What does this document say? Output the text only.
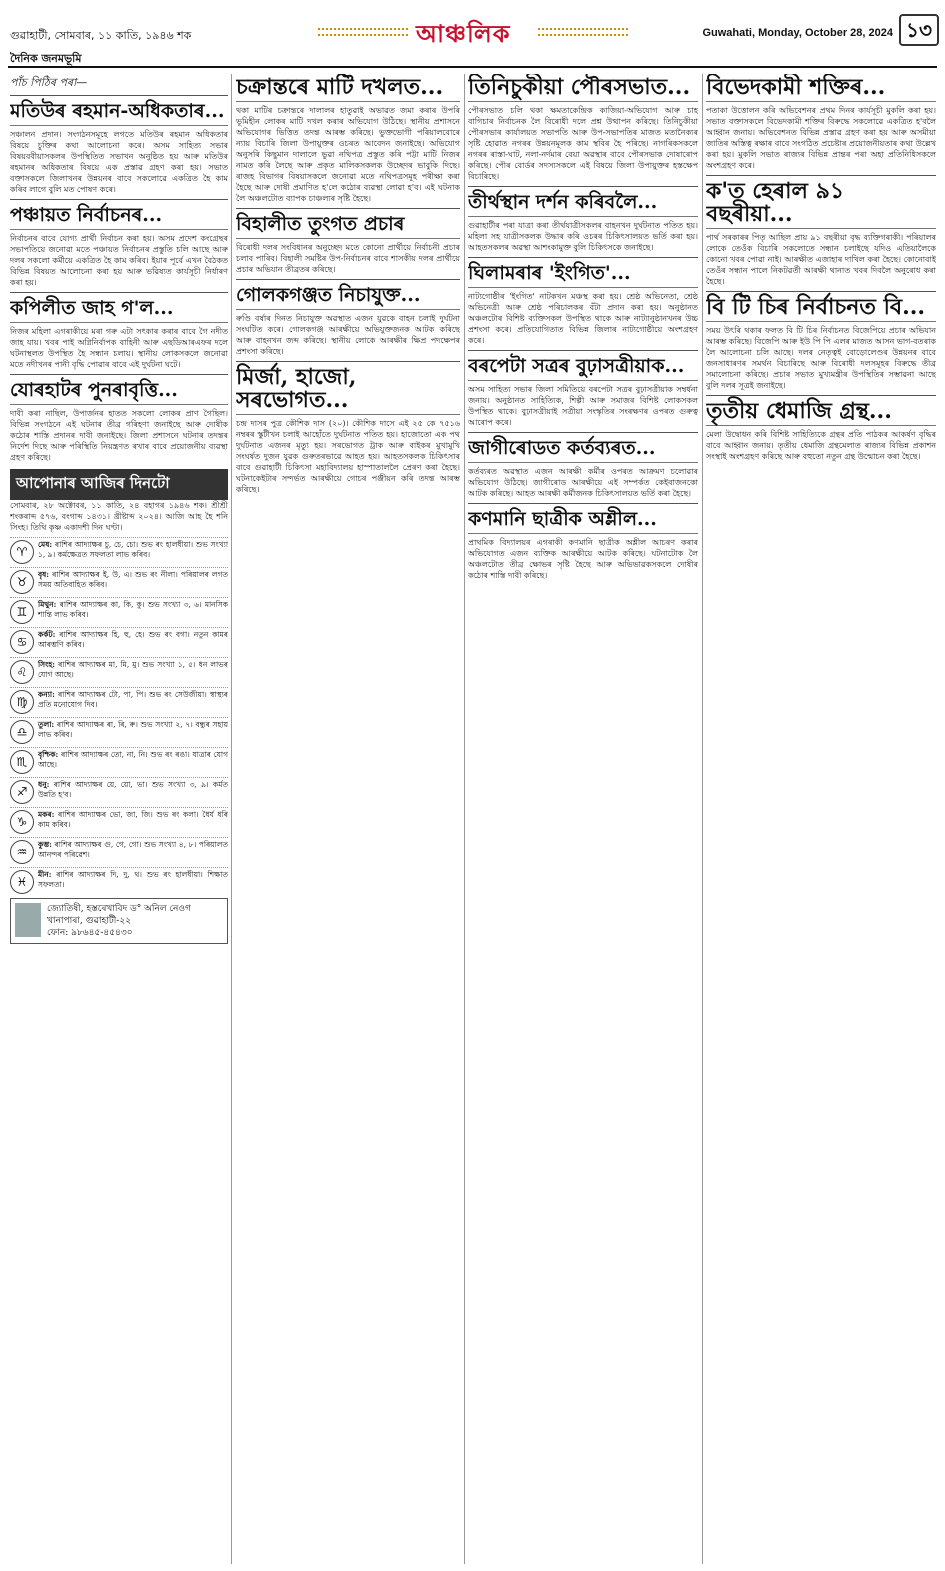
গুৱাহাটী, সোমবাৰ, ১১ কাতি, ১৯৪৬ শক
দৈনিক জনমভূমি
আঞ্চলিক	Guwahati, Monday, October 28, 2024 ১৩
পাঁচ পিঠিৰ পৰা—
মতিউৰ ৰহমান-অধিকতাৰ...

সঞ্চালন প্ৰদান। সংগঠনসমূহে লগতে মতিউৰ ৰহমান অধিকতাৰ বিষয়ে চুক্তিৰ কথা আলোচনা কৰে। অসম সাহিত্য সভাৰ বিষয়ববীয়াসকলৰ উপস্থিতিত সভাখন অনুষ্ঠিত হয় আৰু মতিউৰ ৰহমানৰ অধিকতাৰ বিষয়ে এক প্ৰস্তাৱ গ্ৰহণ কৰা হয়। সভাত বক্তাসকলে জিলাখনৰ উন্নয়নৰ বাবে সকলোৱে একত্ৰিত হৈ কাম কৰিব লাগে বুলি মত পোষণ কৰে।

পঞ্চায়ত নিৰ্বাচনৰ...

নিৰ্বাচনৰ বাবে যোগ্য প্ৰাৰ্থী নিৰ্বাচন কৰা হয়। অসম প্ৰদেশ কংগ্ৰেছৰ সভাপতিয়ে জনোৱা মতে পঞ্চায়ত নিৰ্বাচনৰ প্ৰস্তুতি চলি আছে আৰু দলৰ সকলো কৰ্মীয়ে একত্ৰিত হৈ কাম কৰিব। ইয়াৰ পূৰ্বে এখন বৈঠকত বিভিন্ন বিষয়ত আলোচনা কৰা হয় আৰু ভৱিষ্যত কাৰ্যসূচী নিৰ্ধাৰণ কৰা হয়।

কপিলীত জাহ গ'ল...

নিজৰ মহিলা এগৰাকীয়ে মৰা গৰু এটা সৎকাৰ কৰাৰ বাবে গৈ নদীত জাহ যায়। খবৰ পাই অগ্নিনিৰ্বাপক বাহিনী আৰু এছডিআৰএফৰ দলে ঘটনাস্থলত উপস্থিত হৈ সন্ধান চলায়। স্থানীয় লোকসকলে জনোৱা মতে নদীখনৰ পানী বৃদ্ধি পোৱাৰ বাবে এই দুৰ্ঘটনা ঘটে।

যোৰহাটৰ পুনৰাবৃত্তি...

দাবী কৰা নাছিল, উপাৰ্জনৰ হাতত সকলো লোকৰ প্ৰাণ গৈছিল। বিভিন্ন সংগঠনে এই ঘটনাৰ তীব্ৰ গৰিহণা জনাইছে আৰু দোষীক কঠোৰ শাস্তি প্ৰদানৰ দাবী জনাইছে। জিলা প্ৰশাসনে ঘটনাৰ তদন্তৰ নিৰ্দেশ দিছে আৰু পৰিস্থিতি নিয়ন্ত্ৰণত ৰখাৰ বাবে প্ৰয়োজনীয় ব্যৱস্থা গ্ৰহণ কৰিছে।

আপোনাৰ আজিৰ দিনটো

সোমবাৰ, ২৮ অক্টোবৰ, ১১ কাতি, ২৪ বহাগৰ ১৯৪৬ শক। শ্ৰীশ্ৰী শংকৰাব্দ ৫৭৬, বংগাব্দ ১৪৩১। খ্ৰীষ্টাব্দ ২০২৪। আজি আহ হৈ শনি সিংহ। তিথি কৃষ্ণ একাদশী দিন ঘণ্টা।

♈
মেষ: ৰাশিৰ আদ্যাক্ষৰ চু, চে, চো। শুভ ৰং হালধীয়া। শুভ সংখ্যা ১, ৯। কৰ্মক্ষেত্ৰত সফলতা লাভ কৰিব।
♉
বৃষ: ৰাশিৰ আদ্যাক্ষৰ ই, উ, এ। শুভ ৰং নীলা। পৰিয়ালৰ লগত সময় অতিবাহিত কৰিব।
♊
মিথুন: ৰাশিৰ আদ্যাক্ষৰ কা, কি, কু। শুভ সংখ্যা ৩, ৬। মানসিক শান্তি লাভ কৰিব।
♋
কৰ্কট: ৰাশিৰ আদ্যাক্ষৰ হি, হু, হে। শুভ ৰং বগা। নতুন কামৰ আৰম্ভণি কৰিব।
♌
সিংহ: ৰাশিৰ আদ্যাক্ষৰ মা, মি, মু। শুভ সংখ্যা ১, ৫। ধন লাভৰ যোগ আছে।
♍
কন্যা: ৰাশিৰ আদ্যাক্ষৰ টো, পা, পি। শুভ ৰং সেউজীয়া। স্বাস্থ্যৰ প্ৰতি মনোযোগ দিব।
♎
তুলা: ৰাশিৰ আদ্যাক্ষৰ ৰা, ৰি, ৰু। শুভ সংখ্যা ২, ৭। বন্ধুৰ সহায় লাভ কৰিব।
♏
বৃশ্চিক: ৰাশিৰ আদ্যাক্ষৰ তো, না, নি। শুভ ৰং ৰঙা। যাত্ৰাৰ যোগ আছে।
♐
ধনু: ৰাশিৰ আদ্যাক্ষৰ য়ে, য়ো, ভা। শুভ সংখ্যা ৩, ৯। কৰ্মত উন্নতি হ'ব।
♑
মকৰ: ৰাশিৰ আদ্যাক্ষৰ ভো, জা, জি। শুভ ৰং কলা। ধৈৰ্য ধৰি কাম কৰিব।
♒
কুম্ভ: ৰাশিৰ আদ্যাক্ষৰ গু, গে, গো। শুভ সংখ্যা ৪, ৮। পৰিয়ালত আনন্দৰ পৰিৱেশ।
♓
মীন: ৰাশিৰ আদ্যাক্ষৰ দি, দু, থ। শুভ ৰং হালধীয়া। শিক্ষাত সফলতা।
জ্যোতিষী, হস্তৰেখাবিদ ড° অনিল নেওগ
খানাপাৰা, গুৱাহাটী-২২
ফোন: ৯৮৬৪৫-৪৫৪৩০
চক্ৰান্তৰে মাটি দখলত...

থকা মাটিৰ চক্ৰান্তৰে দালালৰ হাতুৱাই অভাৱত জমা কৰাৰ উপৰি ভূমিহীন লোকৰ মাটি দখল কৰাৰ অভিযোগ উঠিছে। স্থানীয় প্ৰশাসনে অভিযোগৰ ভিত্তিত তদন্ত আৰম্ভ কৰিছে। ভুক্তভোগী পৰিয়ালবোৰে ন্যায় বিচাৰি জিলা উপায়ুক্তৰ ওচৰত আবেদন জনাইছে। অভিযোগ অনুসৰি কিছুমান দালালে ভুৱা নথিপত্ৰ প্ৰস্তুত কৰি পট্টা মাটি নিজৰ নামত কৰি লৈছে আৰু প্ৰকৃত মালিকসকলক উচ্ছেদৰ ভাবুকি দিছে। ৰাজহ বিভাগৰ বিষয়াসকলে জনোৱা মতে নথিপত্ৰসমূহ পৰীক্ষা কৰা হৈছে আৰু দোষী প্ৰমাণিত হ'লে কঠোৰ ব্যৱস্থা লোৱা হ'ব। এই ঘটনাক লৈ অঞ্চলটোত ব্যাপক চাঞ্চল্যৰ সৃষ্টি হৈছে।

বিহালীত তুংগত প্ৰচাৰ

বিৰোধী দলৰ সংবিধানৰ অনুচ্ছেদ মতে কোনো প্ৰাৰ্থীয়ে নিৰ্বাচনী প্ৰচাৰ চলাব পাৰিব। বিহালী সমষ্টিৰ উপ-নিৰ্বাচনৰ বাবে শাসকীয় দলৰ প্ৰাৰ্থীয়ে প্ৰচাৰ অভিযান তীব্ৰতৰ কৰিছে।

গোলকগঞ্জত নিচাযুক্ত...

ৰুণ্ডি বৰ্ষাৰ দিনত নিচাযুক্ত অৱস্থাত এজন যুৱকে বাহন চলাই দুৰ্ঘটনা সংঘটিত কৰে। গোলকগঞ্জ আৰক্ষীয়ে অভিযুক্তজনক আটক কৰিছে আৰু বাহনখন জব্দ কৰিছে। স্থানীয় লোকে আৰক্ষীৰ ক্ষিপ্ৰ পদক্ষেপৰ প্ৰশংসা কৰিছে।

মিৰ্জা, হাজো, সৰভোগত...

চন্দ্ৰ দাসৰ পুত্ৰ কৌশিক দাস (২০)। কৌশিক দাসে এই ২৫ কে ৭৫১৬ নম্বৰৰ স্কুটীখন চলাই আহোঁতে দুৰ্ঘটনাত পতিত হয়। হাজোতো এক পথ দুৰ্ঘটনাত এজনৰ মৃত্যু হয়। সৰভোগত ট্ৰাক আৰু বাইকৰ মুখামুখি সংঘৰ্ষত দুজন যুৱক গুৰুতৰভাৱে আহত হয়। আহতসকলক চিকিৎসাৰ বাবে গুৱাহাটী চিকিৎসা মহাবিদ্যালয় হাস্পাতাললৈ প্ৰেৰণ কৰা হৈছে। ঘটনাকেইটাৰ সন্দৰ্ভত আৰক্ষীয়ে গোচৰ পঞ্জীয়ন কৰি তদন্ত আৰম্ভ কৰিছে।

তিনিচুকীয়া পৌৰসভাত...

পৌৰসভাত চলি থকা ক্ষমতাকেন্দ্ৰিক কাজিয়া-অভিযোগ আৰু চাহ বাগিচাৰ নিৰ্বাচনক লৈ বিৰোধী দলে প্ৰশ্ন উত্থাপন কৰিছে। তিনিচুকীয়া পৌৰসভাৰ কাৰ্যালয়ত সভাপতি আৰু উপ-সভাপতিৰ মাজত মতানৈক্যৰ সৃষ্টি হোৱাত নগৰৰ উন্নয়নমূলক কাম স্থবিৰ হৈ পৰিছে। নাগৰিকসকলে নগৰৰ ৰাস্তা-ঘাট, নলা-নৰ্দমাৰ বেয়া অৱস্থাৰ বাবে পৌৰসভাক দোষাৰোপ কৰিছে। পৌৰ বোৰ্ডৰ সদস্যসকলে এই বিষয়ে জিলা উপায়ুক্তৰ হস্তক্ষেপ বিচাৰিছে।

তীৰ্থস্থান দৰ্শন কৰিবলৈ...

গুৱাহাটীৰ পৰা যাত্ৰা কৰা তীৰ্থযাত্ৰীসকলৰ বাহনখন দুৰ্ঘটনাত পতিত হয়। মহিলা সহ যাত্ৰীসকলক উদ্ধাৰ কৰি ওচৰৰ চিকিৎসালয়ত ভৰ্তি কৰা হয়। আহতসকলৰ অৱস্থা আশংকামুক্ত বুলি চিকিৎসকে জনাইছে।

ঘিলামৰাৰ 'ইংগিত'...

নাট্যগোষ্ঠীৰ 'ইংগিত' নাটকখন মঞ্চস্থ কৰা হয়। শ্ৰেষ্ঠ অভিনেতা, শ্ৰেষ্ঠ অভিনেত্ৰী আৰু শ্ৰেষ্ঠ পৰিচালকৰ বঁটা প্ৰদান কৰা হয়। অনুষ্ঠানত অঞ্চলটোৰ বিশিষ্ট ব্যক্তিসকল উপস্থিত থাকে আৰু নাট্যানুষ্ঠানখনৰ উচ্চ প্ৰশংসা কৰে। প্ৰতিযোগিতাত বিভিন্ন জিলাৰ নাট্যগোষ্ঠীয়ে অংশগ্ৰহণ কৰে।

বৰপেটা সত্ৰৰ বুঢ়াসত্ৰীয়াক...

অসম সাহিত্য সভাৰ জিলা সমিতিয়ে বৰপেটা সত্ৰৰ বুঢ়াসত্ৰীয়াক সম্বৰ্ধনা জনায়। অনুষ্ঠানত সাহিত্যিক, শিল্পী আৰু সমাজৰ বিশিষ্ট লোকসকল উপস্থিত থাকে। বুঢ়াসত্ৰীয়াই সত্ৰীয়া সংস্কৃতিৰ সংৰক্ষণৰ ওপৰত গুৰুত্ব আৰোপ কৰে।

জাগীৰোডত কৰ্তব্যৰত...

কৰ্তব্যৰত অৱস্থাত এজন আৰক্ষী কৰ্মীৰ ওপৰত আক্ৰমণ চলোৱাৰ অভিযোগ উঠিছে। জাগীৰোড আৰক্ষীয়ে এই সম্পৰ্কত কেইবাজনকো আটক কৰিছে। আহত আৰক্ষী কৰ্মীজনক চিকিৎসালয়ত ভৰ্তি কৰা হৈছে।

কণমানি ছাত্ৰীক অশ্লীল...

প্ৰাথমিক বিদ্যালয়ৰ এগৰাকী কণমানি ছাত্ৰীক অশ্লীল আচৰণ কৰাৰ অভিযোগত এজন ব্যক্তিক আৰক্ষীয়ে আটক কৰিছে। ঘটনাটোক লৈ অঞ্চলটোত তীব্ৰ ক্ষোভৰ সৃষ্টি হৈছে আৰু অভিভাৱকসকলে দোষীৰ কঠোৰ শাস্তি দাবী কৰিছে।

বিভেদকামী শক্তিৰ...

পতাকা উত্তোলন কৰি অভিবেশনৰ প্ৰথম দিনৰ কাৰ্যসূচী মুকলি কৰা হয়। সভাত বক্তাসকলে বিভেদকামী শক্তিৰ বিৰুদ্ধে সকলোৱে একত্ৰিত হ'বলৈ আহ্বান জনায়। অভিবেশনত বিভিন্ন প্ৰস্তাৱ গ্ৰহণ কৰা হয় আৰু অসমীয়া জাতিৰ অস্তিত্ব ৰক্ষাৰ বাবে সংগঠিত প্ৰচেষ্টাৰ প্ৰয়োজনীয়তাৰ কথা উল্লেখ কৰা হয়। মুকলি সভাত ৰাজ্যৰ বিভিন্ন প্ৰান্তৰ পৰা অহা প্ৰতিনিধিসকলে অংশগ্ৰহণ কৰে।

ক'ত হেৰাল ৯১ বছৰীয়া...

পাৰ্থ সৰকাৰৰ পিতৃ আছিল প্ৰায় ৯১ বছৰীয়া বৃদ্ধ ব্যক্তিগৰাকী। পৰিয়ালৰ লোকে তেওঁক বিচাৰি সকলোতে সন্ধান চলাইছে যদিও এতিয়ালৈকে কোনো খবৰ পোৱা নাই। আৰক্ষীত এজাহাৰ দাখিল কৰা হৈছে। কোনোবাই তেওঁৰ সন্ধান পালে নিকটৱৰ্তী আৰক্ষী থানাত খবৰ দিবলৈ অনুৰোধ কৰা হৈছে।

বি টি চিৰ নিৰ্বাচনত বি...

সময় উৎৰি থকাৰ ফলত বি টি চিৰ নিৰ্বাচনত বিজেপিয়ে প্ৰচাৰ অভিযান আৰম্ভ কৰিছে। বিজেপি আৰু ইউ পি পি এলৰ মাজত আসন ভাগ-বতৰাক লৈ আলোচনা চলি আছে। দলৰ নেতৃত্বই বোড়োলেণ্ডৰ উন্নয়নৰ বাবে জনসাধাৰণৰ সমৰ্থন বিচাৰিছে আৰু বিৰোধী দলসমূহৰ বিৰুদ্ধে তীব্ৰ সমালোচনা কৰিছে। প্ৰচাৰ সভাত মুখ্যমন্ত্ৰীৰ উপস্থিতিৰ সম্ভাৱনা আছে বুলি দলৰ সূত্ৰই জনাইছে।

তৃতীয় ধেমাজি গ্ৰন্থ...

মেলা উদ্বোধন কৰি বিশিষ্ট সাহিত্যিকে গ্ৰন্থৰ প্ৰতি পাঠকৰ আকৰ্ষণ বৃদ্ধিৰ বাবে আহ্বান জনায়। তৃতীয় ধেমাজি গ্ৰন্থমেলাত ৰাজ্যৰ বিভিন্ন প্ৰকাশন সংস্থাই অংশগ্ৰহণ কৰিছে আৰু বহুতো নতুন গ্ৰন্থ উন্মোচন কৰা হৈছে।
